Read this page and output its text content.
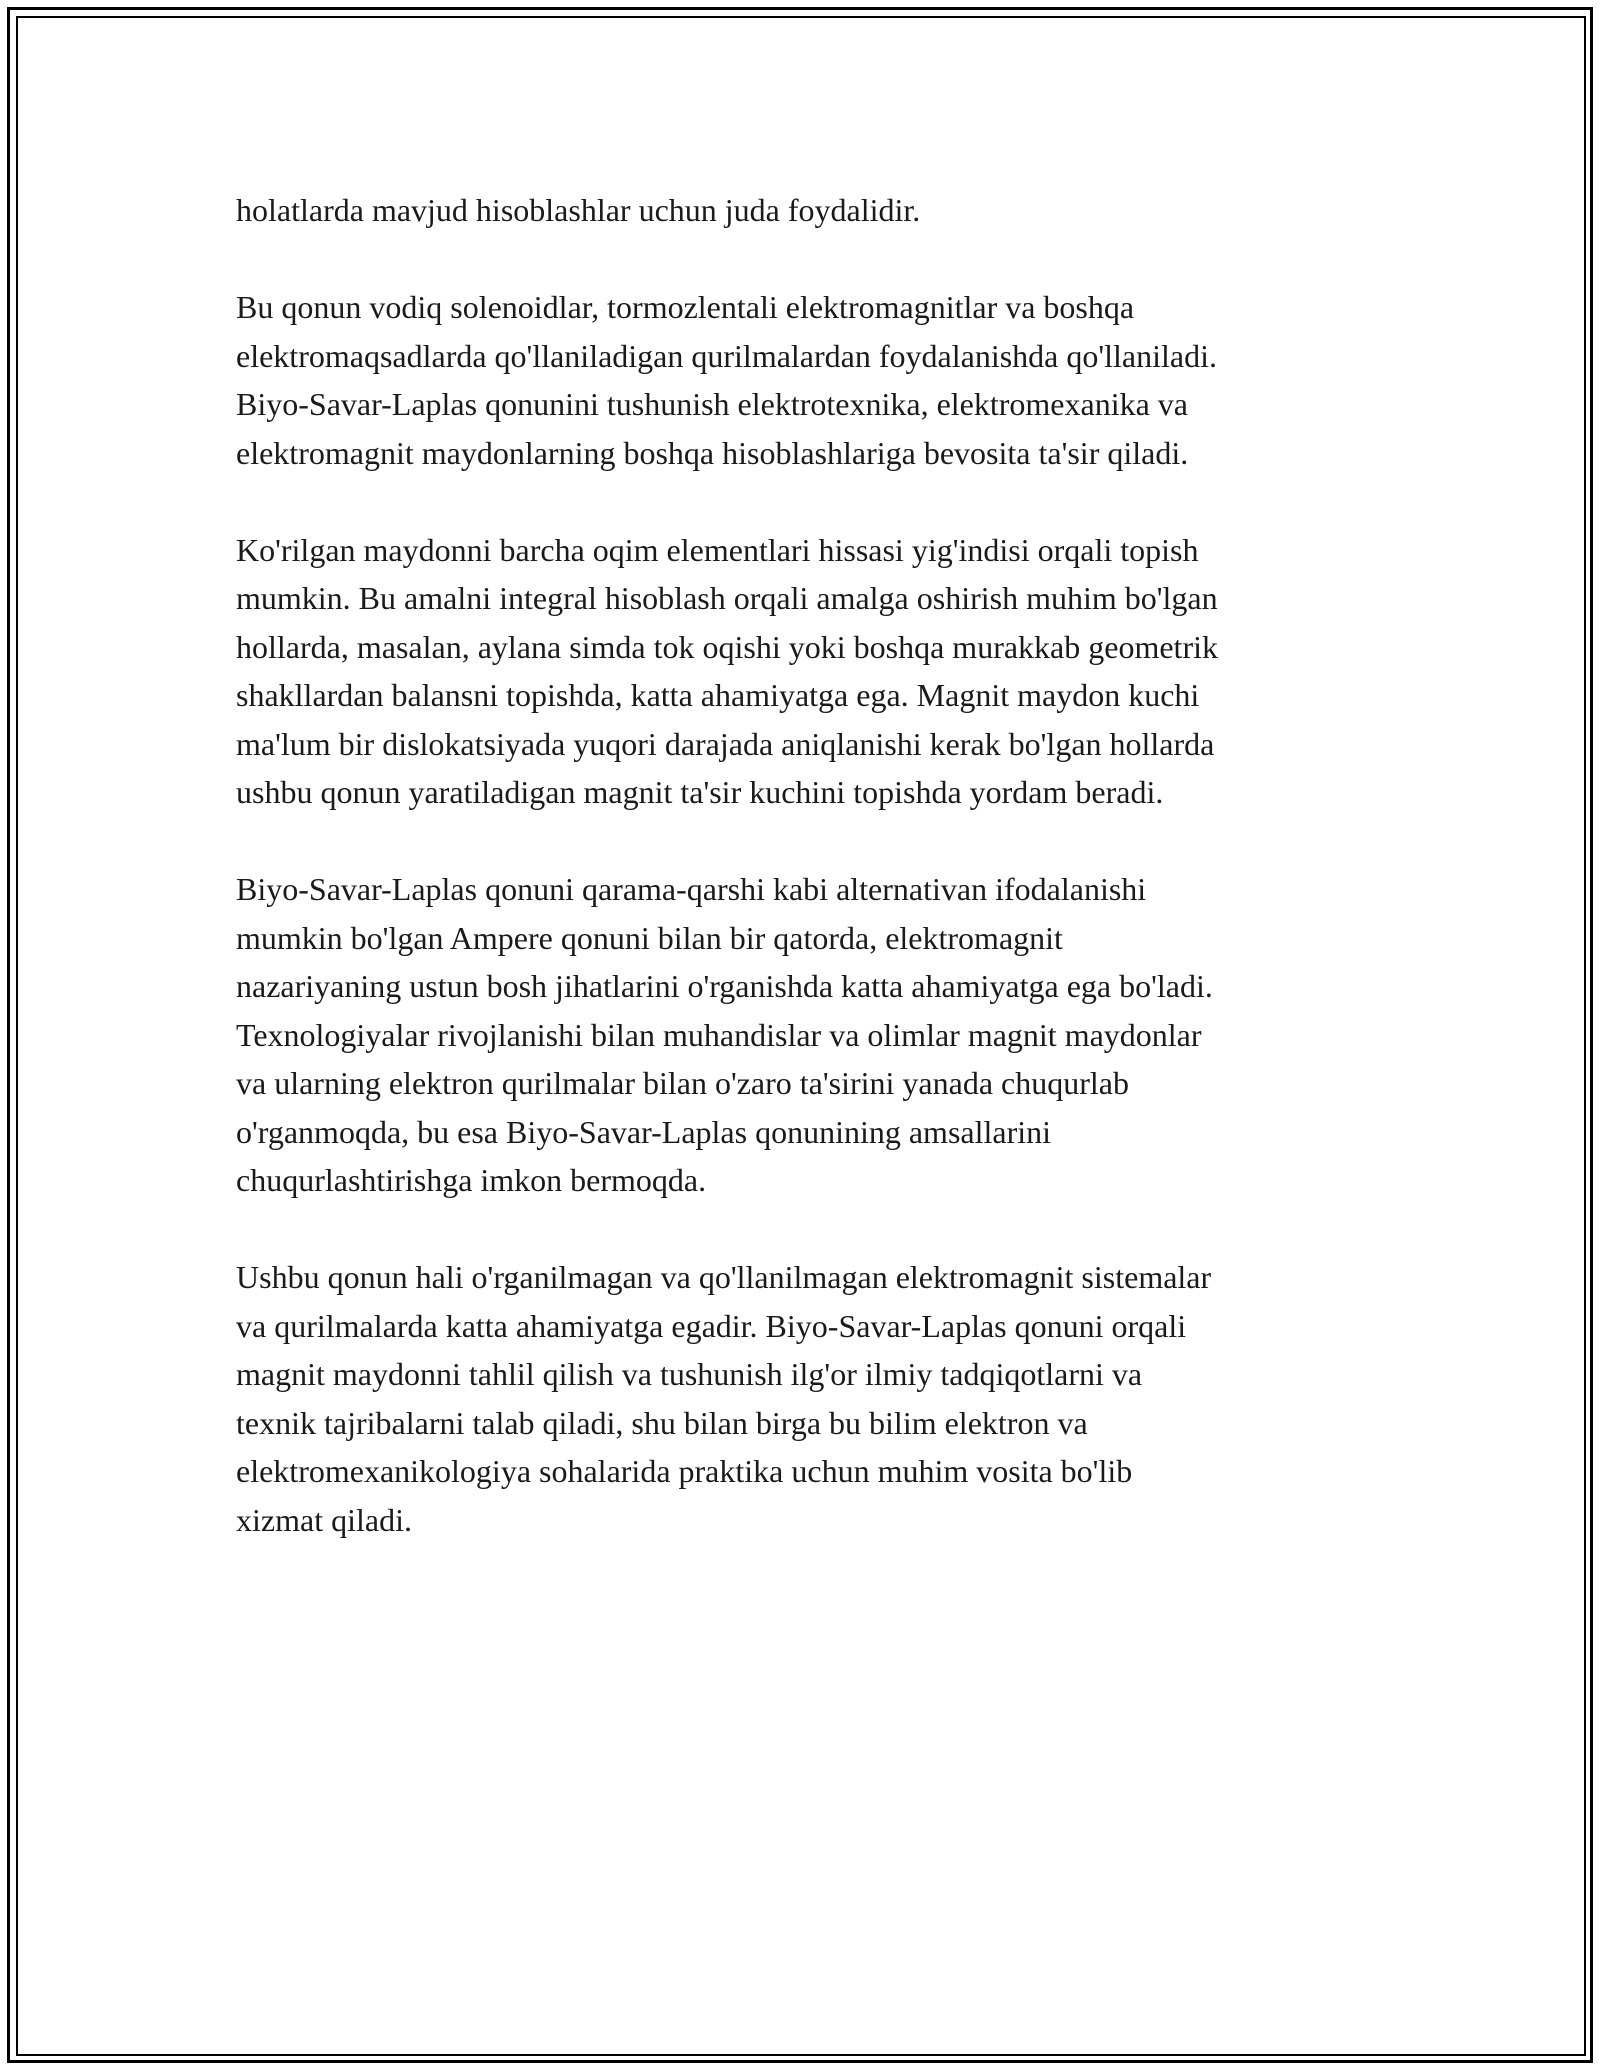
holatlarda mavjud hisoblashlar uchun juda foydalidir.

Bu qonun vodiq solenoidlar, tormozlentali elektromagnitlar va boshqa
elektromaqsadlarda qo'llaniladigan qurilmalardan foydalanishda qo'llaniladi.
Biyo-Savar-Laplas qonunini tushunish elektrotexnika, elektromexanika va
elektromagnit maydonlarning boshqa hisoblashlariga bevosita ta'sir qiladi.

Ko'rilgan maydonni barcha oqim elementlari hissasi yig'indisi orqali topish
mumkin. Bu amalni integral hisoblash orqali amalga oshirish muhim bo'lgan
hollarda, masalan, aylana simda tok oqishi yoki boshqa murakkab geometrik
shakllardan balansni topishda, katta ahamiyatga ega. Magnit maydon kuchi
ma'lum bir dislokatsiyada yuqori darajada aniqlanishi kerak bo'lgan hollarda
ushbu qonun yaratiladigan magnit ta'sir kuchini topishda yordam beradi.

Biyo-Savar-Laplas qonuni qarama-qarshi kabi alternativan ifodalanishi
mumkin bo'lgan Ampere qonuni bilan bir qatorda, elektromagnit
nazariyaning ustun bosh jihatlarini o'rganishda katta ahamiyatga ega bo'ladi.
Texnologiyalar rivojlanishi bilan muhandislar va olimlar magnit maydonlar
va ularning elektron qurilmalar bilan o'zaro ta'sirini yanada chuqurlab
o'rganmoqda, bu esa Biyo-Savar-Laplas qonunining amsallarini
chuqurlashtirishga imkon bermoqda.

Ushbu qonun hali o'rganilmagan va qo'llanilmagan elektromagnit sistemalar
va qurilmalarda katta ahamiyatga egadir. Biyo-Savar-Laplas qonuni orqali
magnit maydonni tahlil qilish va tushunish ilg'or ilmiy tadqiqotlarni va
texnik tajribalarni talab qiladi, shu bilan birga bu bilim elektron va
elektromexanikologiya sohalarida praktika uchun muhim vosita bo'lib
xizmat qiladi.
